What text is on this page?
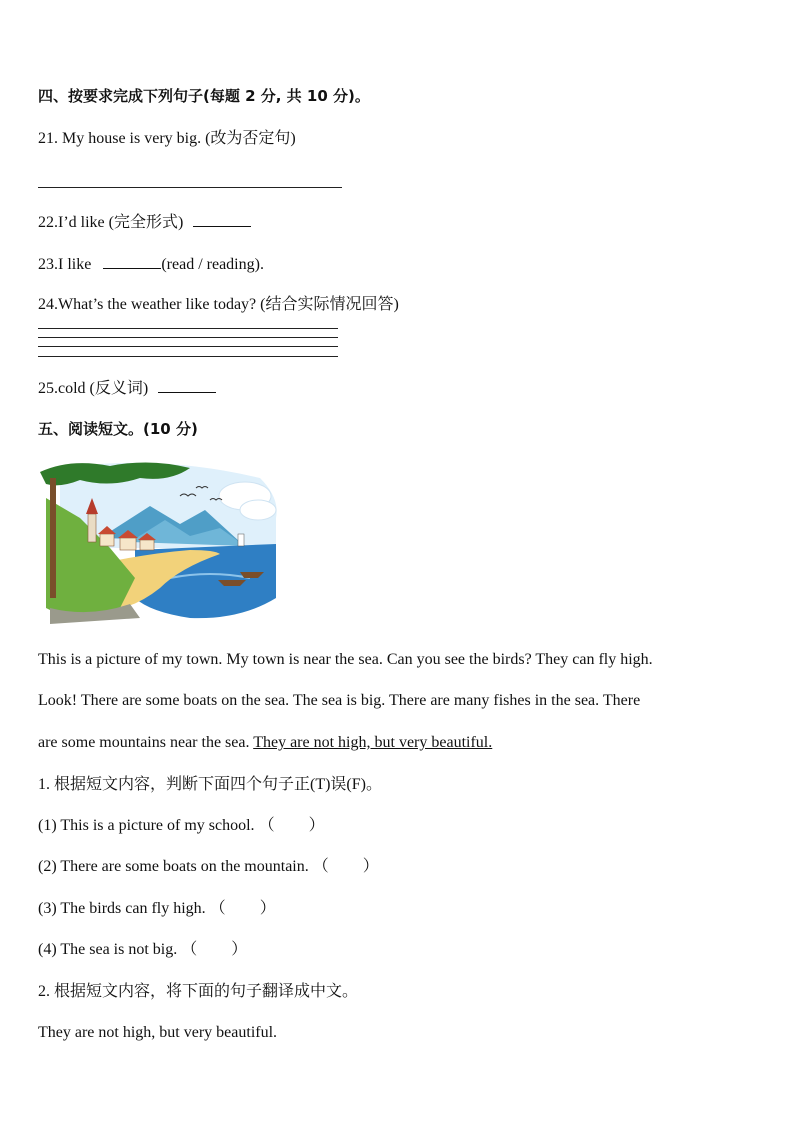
四、按要求完成下列句子(每题 2 分, 共 10 分)。
21. My house is very big. (改为否定句)
22.I’d like (完全形式)
23.I like	(read / reading).
24.What’s the weather like today? (结合实际情况回答)
25.cold (反义词)
五、阅读短文。(10 分)
This is a picture of my town. My town is near the sea. Can you see the birds? They can fly high.
Look! There are some boats on the sea. The sea is big. There are many fishes in the sea. There
are some mountains near the sea. They are not high, but very beautiful.
1. 根据短文内容，判断下面四个句子正(T)误(F)。
(1) This is a picture of my school. （ ）
(2) There are some boats on the mountain. （ ）
(3) The birds can fly high. （ ）
(4) The sea is not big. （ ）
2. 根据短文内容，将下面的句子翻译成中文。
They are not high, but very beautiful.
